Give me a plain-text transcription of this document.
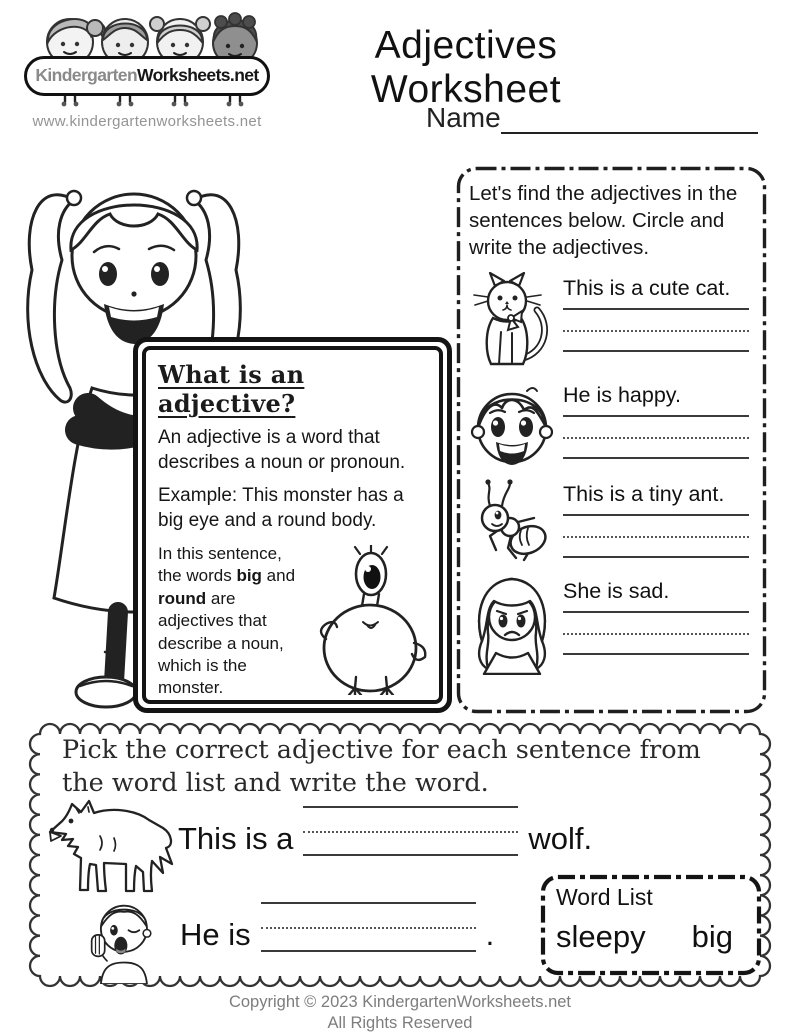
KindergartenWorksheets.net
www.kindergartenworksheets.net
Adjectives Worksheet
Name
What is an adjective?

An adjective is a word that describes a noun or pronoun.

Example: This monster has a big eye and a round body.

In this sentence, the words big and round are adjectives that describe a noun, which is the monster.

Let's find the adjectives in the sentences below. Circle and write the adjectives.

This is a cute cat.
He is happy.
This is a tiny ant.
She is sad.

Pick the correct adjective for each sentence from the word list and write the word.

This is a	wolf.
He is	.
Word List
sleepy big
Copyright © 2023 KindergartenWorksheets.net
All Rights Reserved
